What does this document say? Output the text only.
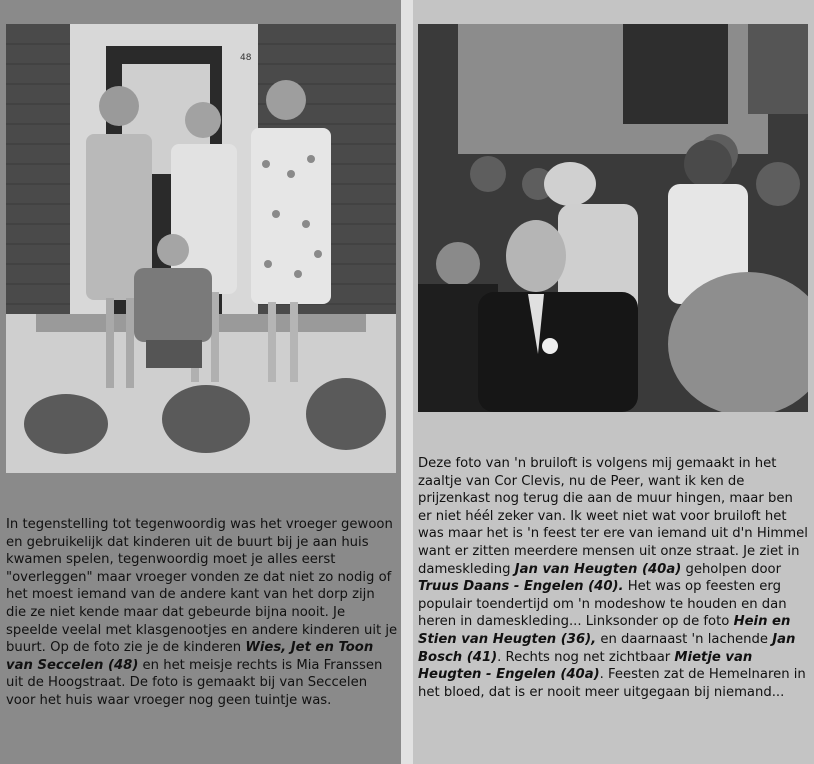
48

In tegenstelling tot tegenwoordig was het vroeger gewoon en gebruikelijk dat kinderen uit de buurt bij je aan huis kwamen spelen, tegenwoordig moet je alles eerst "overleggen" maar vroeger vonden ze dat niet zo nodig of het moest iemand van de andere kant van het dorp zijn die ze niet kende maar dat gebeurde bijna nooit. Je speelde veelal met klasgenootjes en andere kinderen uit je buurt. Op de foto zie je de kinderen Wies, Jet en Toon van Seccelen (48) en het meisje rechts is Mia Franssen uit de Hoogstraat. De foto is gemaakt bij van Seccelen voor het huis waar vroeger nog geen tuintje was.

Deze foto van 'n bruiloft is volgens mij gemaakt in het zaaltje van Cor Clevis, nu de Peer, want ik ken de prijzenkast nog terug die aan de muur hingen, maar ben er niet héél zeker van. Ik weet niet wat voor bruiloft het was maar het is 'n feest ter ere van iemand uit d'n Himmel want er zitten meerdere mensen uit onze straat. Je ziet in dameskleding Jan van Heugten (40a) geholpen door Truus Daans - Engelen (40). Het was op feesten erg populair toendertijd om 'n modeshow te houden en dan heren in dameskleding... Linksonder op de foto Hein en Stien van Heugten (36), en daarnaast 'n lachende Jan Bosch (41). Rechts nog net zichtbaar Mietje van Heugten - Engelen (40a). Feesten zat de Hemelnaren in het bloed, dat is er nooit meer uitgegaan bij niemand...
